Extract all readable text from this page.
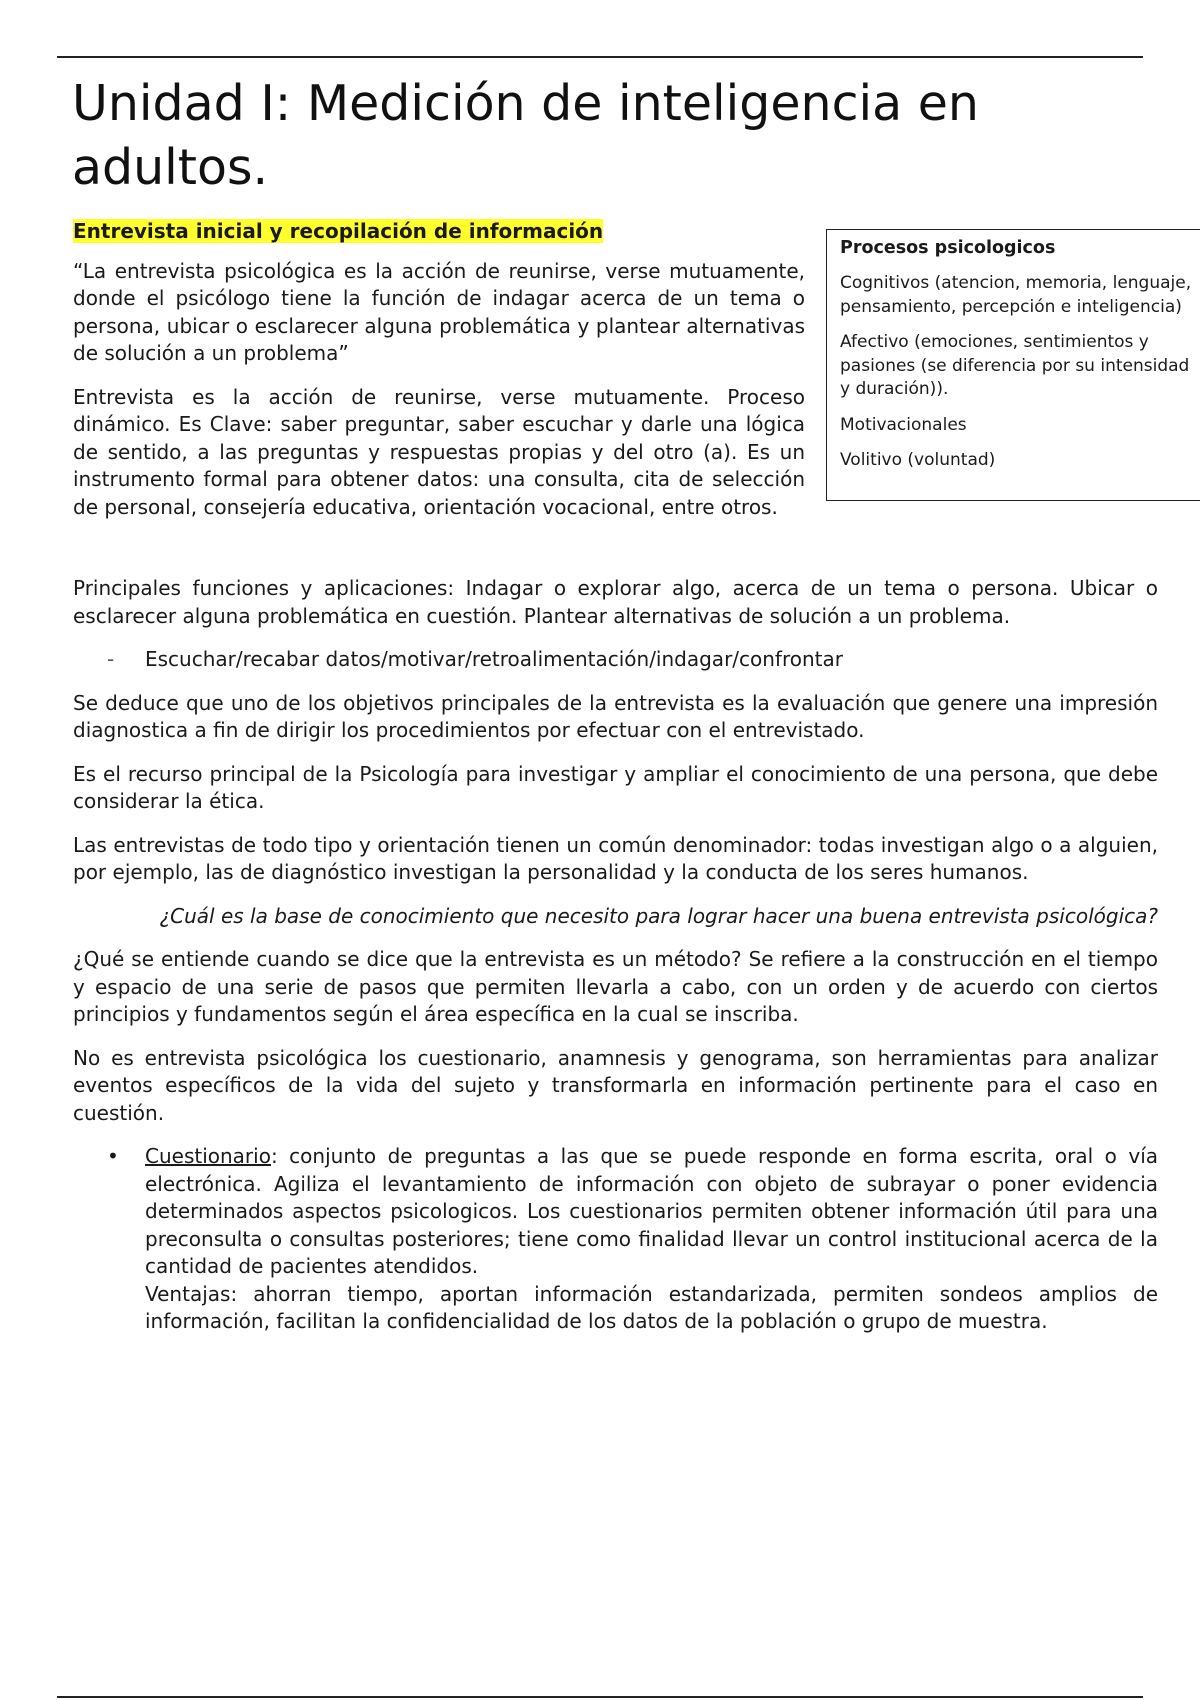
Unidad I: Medición de inteligencia en adultos.

Entrevista inicial y recopilación de información

“La entrevista psicológica es la acción de reunirse, verse mutuamente, donde el psicólogo tiene la función de indagar acerca de un tema o persona, ubicar o esclarecer alguna problemática y plantear alternativas de solución a un problema”

Entrevista es la acción de reunirse, verse mutuamente. Proceso dinámico. Es Clave: saber preguntar, saber escuchar y darle una lógica de sentido, a las preguntas y respuestas propias y del otro (a). Es un instrumento formal para obtener datos: una consulta, cita de selección de personal, consejería educativa, orientación vocacional, entre otros.

Procesos psicologicos

Cognitivos (atencion, memoria, lenguaje, pensamiento, percepción e inteligencia)

Afectivo (emociones, sentimientos y pasiones (se diferencia por su intensidad y duración)).

Motivacionales

Volitivo (voluntad)

Principales funciones y aplicaciones: Indagar o explorar algo, acerca de un tema o persona. Ubicar o esclarecer alguna problemática en cuestión. Plantear alternativas de solución a un problema.

- Escuchar/recabar datos/motivar/retroalimentación/indagar/confrontar

Se deduce que uno de los objetivos principales de la entrevista es la evaluación que genere una impresión diagnostica a fin de dirigir los procedimientos por efectuar con el entrevistado.

Es el recurso principal de la Psicología para investigar y ampliar el conocimiento de una persona, que debe considerar la ética.

Las entrevistas de todo tipo y orientación tienen un común denominador: todas investigan algo o a alguien, por ejemplo, las de diagnóstico investigan la personalidad y la conducta de los seres humanos.

¿Cuál es la base de conocimiento que necesito para lograr hacer una buena entrevista psicológica?

¿Qué se entiende cuando se dice que la entrevista es un método? Se refiere a la construcción en el tiempo y espacio de una serie de pasos que permiten llevarla a cabo, con un orden y de acuerdo con ciertos principios y fundamentos según el área específica en la cual se inscriba.

No es entrevista psicológica los cuestionario, anamnesis y genograma, son herramientas para analizar eventos específicos de la vida del sujeto y transformarla en información pertinente para el caso en cuestión.

• Cuestionario: conjunto de preguntas a las que se puede responde en forma escrita, oral o vía electrónica. Agiliza el levantamiento de información con objeto de subrayar o poner evidencia determinados aspectos psicologicos. Los cuestionarios permiten obtener información útil para una preconsulta o consultas posteriores; tiene como finalidad llevar un control institucional acerca de la cantidad de pacientes atendidos.
Ventajas: ahorran tiempo, aportan información estandarizada, permiten sondeos amplios de información, facilitan la confidencialidad de los datos de la población o grupo de muestra.
